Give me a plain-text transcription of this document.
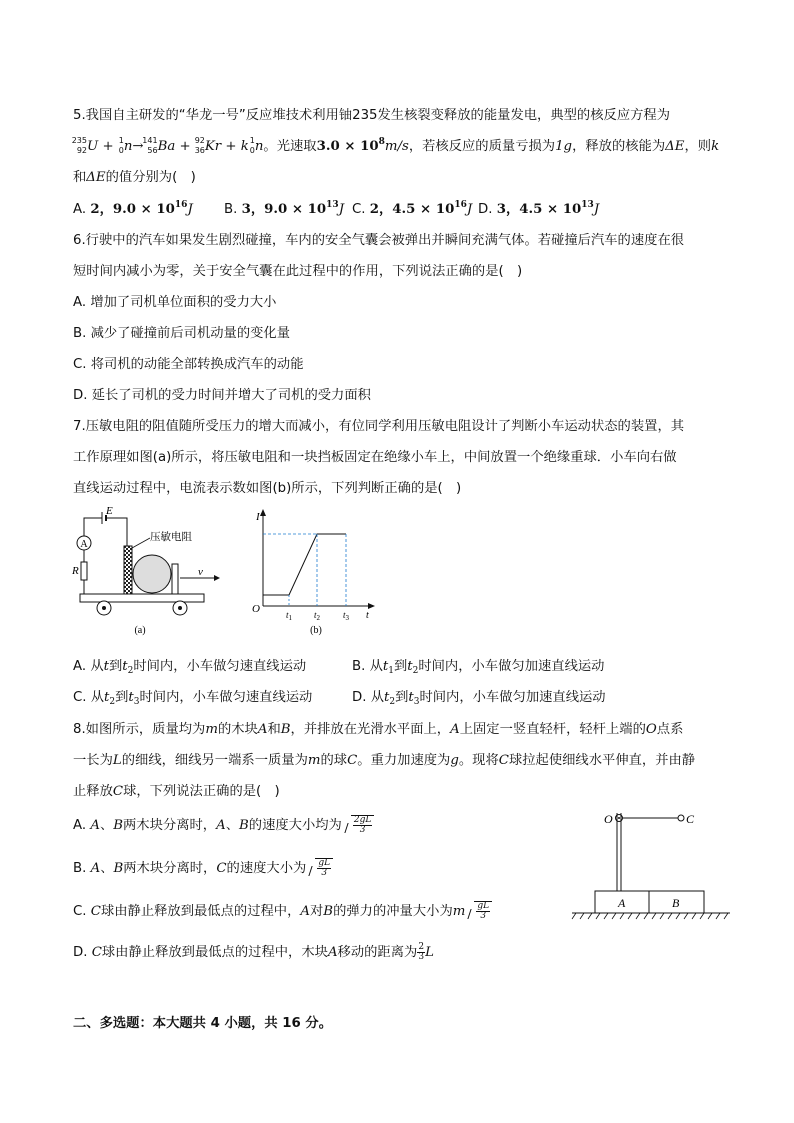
5.我国自主研发的“华龙一号”反应堆技术利用铀235发生核裂变释放的能量发电，典型的核反应方程为
235
92 U + 1
0 n→
141
56 Ba + 92
36 Kr + k 1
0 n。光速取$3.0 \times 10^8m/s$，若核反应的质量亏损为1g，释放的核能为ΔE，则k
和ΔE的值分别为(　)
A. 2，$9.0 \times 10^{16}J$ B. 3，$9.0 \times 10^{13}J$ C. 2，$4.5 \times 10^{16}J$ D. 3，$4.5 \times 10^{13}J$
6.行驶中的汽车如果发生剧烈碰撞，车内的安全气囊会被弹出并瞬间充满气体。若碰撞后汽车的速度在很
短时间内减小为零，关于安全气囊在此过程中的作用，下列说法正确的是(　)
A. 增加了司机单位面积的受力大小
B. 减少了碰撞前后司机动量的变化量
C. 将司机的动能全部转换成汽车的动能
D. 延长了司机的受力时间并增大了司机的受力面积
7.压敏电阻的阻值随所受压力的增大而减小，有位同学利用压敏电阻设计了判断小车运动状态的装置，其
工作原理如图(a)所示，将压敏电阻和一块挡板固定在绝缘小车上，中间放置一个绝缘重球．小车向右做
直线运动过程中，电流表示数如图(b)所示，下列判断正确的是(　)
A
E
R
压敏电阻
v
(a)
I
O
t
$t_1$ $t_2$	$t_3$
(b)
A. 从t到$t_2$时间内，小车做匀速直线运动	B. 从$t_1$到$t_2$时间内，小车做匀加速直线运动
C. 从$t_2$到$t_3$时间内，小车做匀速直线运动	D. 从$t_2$到$t_3$时间内，小车做匀加速直线运动
8.如图所示，质量均为m的木块A和B，并排放在光滑水平面上，A上固定一竖直轻杆，轻杆上端的O点系
一长为L的细线，细线另一端系一质量为m的球C。重力加速度为g。现将C球拉起使细线水平伸直，并由静
止释放C球，下列说法正确的是(　)
A. A、B两木块分离时，A、B的速度大小均为 $\frac{2gL}{3}$
B. A、B两木块分离时，C的速度大小为 $\frac{gL}{3}$
C. C球由静止释放到最低点的过程中，A对B的弹力的冲量大小为m $\frac{gL}{3}$
D. C球由静止释放到最低点的过程中，木块A移动的距离为 $\frac{2}{3}$ L
O	C
A	B
二、多选题：本大题共 4 小题，共 16 分。
